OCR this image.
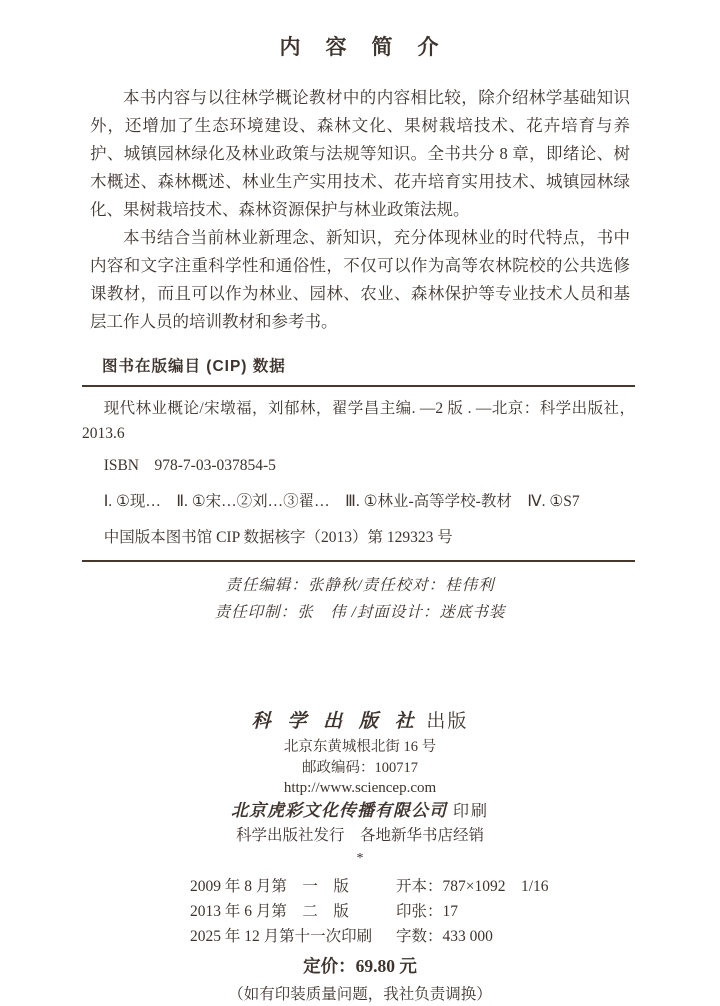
内　容　简　介

本书内容与以往林学概论教材中的内容相比较，除介绍林学基础知识外，还增加了生态环境建设、森林文化、果树栽培技术、花卉培育与养护、城镇园林绿化及林业政策与法规等知识。全书共分 8 章，即绪论、树木概述、森林概述、林业生产实用技术、花卉培育实用技术、城镇园林绿化、果树栽培技术、森林资源保护与林业政策法规。

本书结合当前林业新理念、新知识，充分体现林业的时代特点，书中内容和文字注重科学性和通俗性，不仅可以作为高等农林院校的公共选修课教材，而且可以作为林业、园林、农业、森林保护等专业技术人员和基层工作人员的培训教材和参考书。

图书在版编目 (CIP) 数据

现代林业概论/宋墩福，刘郁林，翟学昌主编. —2 版 . —北京：科学出版社，2013.6

ISBN　978-7-03-037854-5

Ⅰ. ①现…　Ⅱ. ①宋…②刘…③翟…　Ⅲ. ①林业-高等学校-教材　Ⅳ. ①S7

中国版本图书馆 CIP 数据核字（2013）第 129323 号

责任编辑：张静秋/责任校对：桂伟利
责任印制：张　伟 /封面设计：迷底书装
科 学 出 版 社 出版
北京东黄城根北街 16 号
邮政编码：100717
http://www.sciencep.com
北京虎彩文化传播有限公司 印刷
科学出版社发行　各地新华书店经销
*
2009 年 8 月第　一　版	开本：787×1092　1/16
2013 年 6 月第　二　版	印张：17
2025 年 12 月第十一次印刷	字数：433 000
定价：69.80 元
（如有印装质量问题，我社负责调换）
